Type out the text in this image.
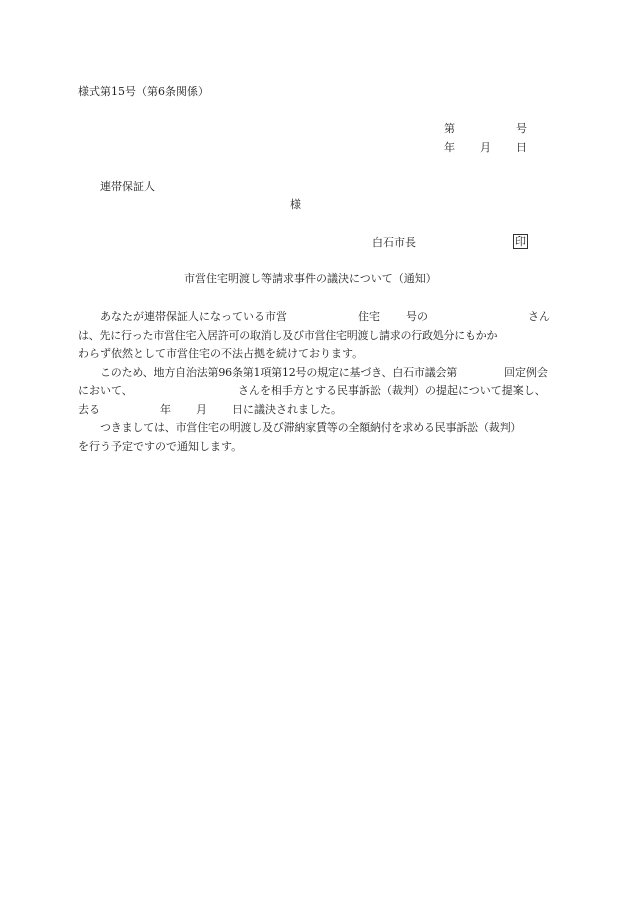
様式第15号（第6条関係）
第	号
年 月 日
連帯保証人
様
白石市長	印
市営住宅明渡し等請求事件の議決について（通知）
あなたが連帯保証人になっている市営	住宅 号の	さん
は、先に行った市営住宅入居許可の取消し及び市営住宅明渡し請求の行政処分にもかか
わらず依然として市営住宅の不法占拠を続けております。
このため、地方自治法第96条第1項第12号の規定に基づき、白石市議会第	回定例会
において、	さんを相手方とする民事訴訟（裁判）の提起について提案し、
去る	年 月 日に議決されました。
つきましては、市営住宅の明渡し及び滞納家賃等の全額納付を求める民事訴訟（裁判）
を行う予定ですので通知します。
